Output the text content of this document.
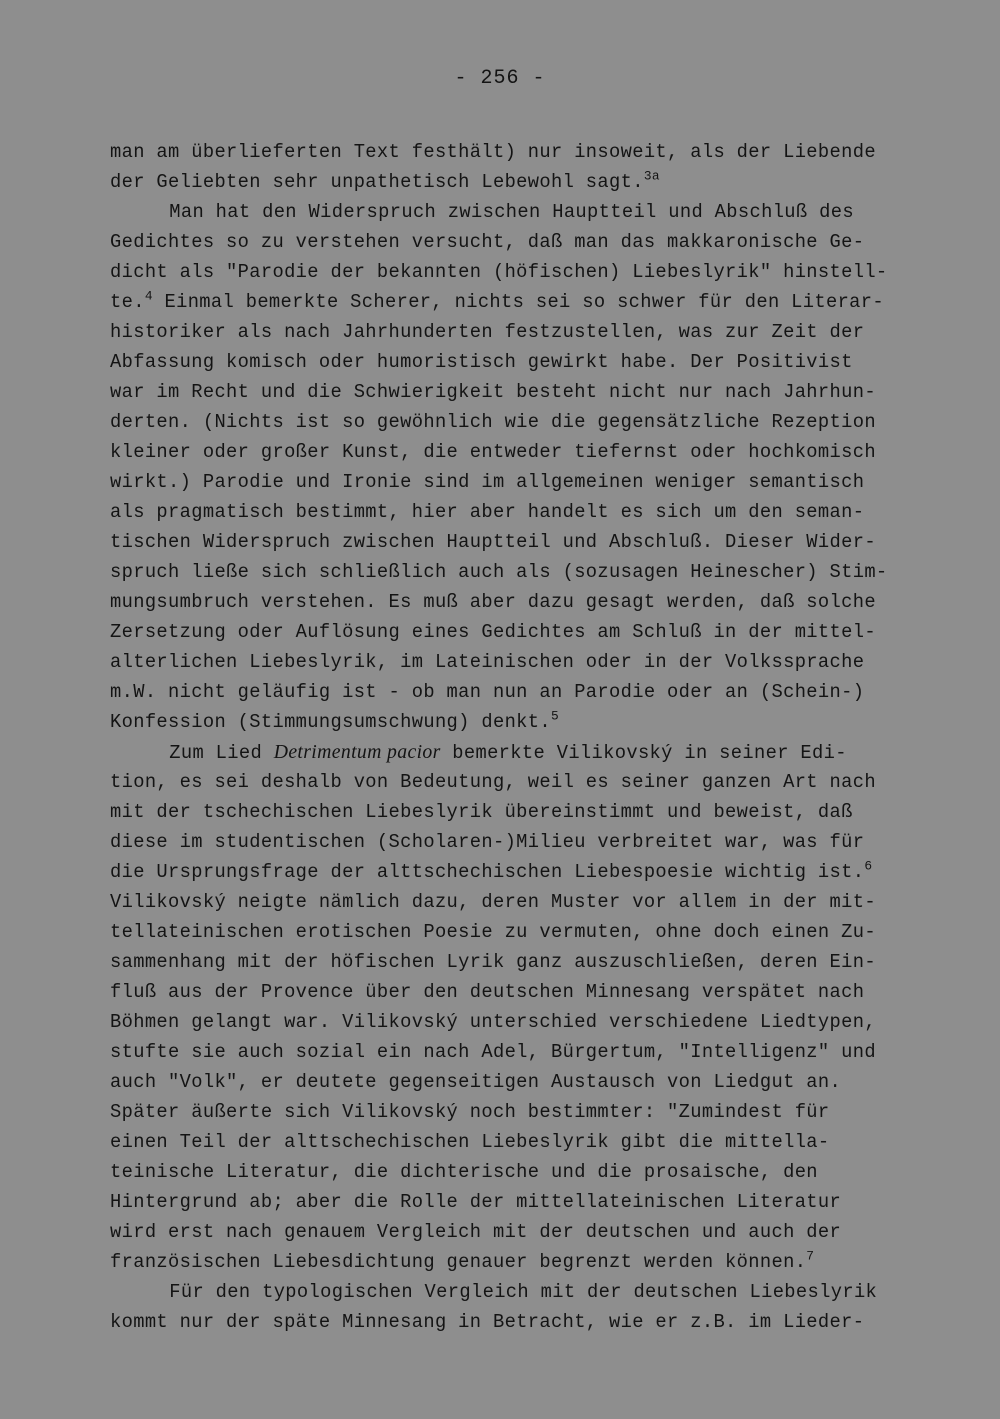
- 256 -
man am überlieferten Text festhält) nur insoweit, als der Liebende
der Geliebten sehr unpathetisch Lebewohl sagt.$^{3a}$
Man hat den Widerspruch zwischen Hauptteil und Abschluß des
Gedichtes so zu verstehen versucht, daß man das makkaronische Ge-
dicht als "Parodie der bekannten (höfischen) Liebeslyrik" hinstell-
te.$^4$ Einmal bemerkte Scherer, nichts sei so schwer für den Literar-
historiker als nach Jahrhunderten festzustellen, was zur Zeit der
Abfassung komisch oder humoristisch gewirkt habe. Der Positivist
war im Recht und die Schwierigkeit besteht nicht nur nach Jahrhun-
derten. (Nichts ist so gewöhnlich wie die gegensätzliche Rezeption
kleiner oder großer Kunst, die entweder tiefernst oder hochkomisch
wirkt.) Parodie und Ironie sind im allgemeinen weniger semantisch
als pragmatisch bestimmt, hier aber handelt es sich um den seman-
tischen Widerspruch zwischen Hauptteil und Abschluß. Dieser Wider-
spruch ließe sich schließlich auch als (sozusagen Heinescher) Stim-
mungsumbruch verstehen. Es muß aber dazu gesagt werden, daß solche
Zersetzung oder Auflösung eines Gedichtes am Schluß in der mittel-
alterlichen Liebeslyrik, im Lateinischen oder in der Volkssprache
m.W. nicht geläufig ist - ob man nun an Parodie oder an (Schein-)
Konfession (Stimmungsumschwung) denkt.$^5$
Zum Lied Detrimentum pacior bemerkte Vilikovský in seiner Edi-
tion, es sei deshalb von Bedeutung, weil es seiner ganzen Art nach
mit der tschechischen Liebeslyrik übereinstimmt und beweist, daß
diese im studentischen (Scholaren-)Milieu verbreitet war, was für
die Ursprungsfrage der alttschechischen Liebespoesie wichtig ist.$^6$
Vilikovský neigte nämlich dazu, deren Muster vor allem in der mit-
tellateinischen erotischen Poesie zu vermuten, ohne doch einen Zu-
sammenhang mit der höfischen Lyrik ganz auszuschließen, deren Ein-
fluß aus der Provence über den deutschen Minnesang verspätet nach
Böhmen gelangt war. Vilikovský unterschied verschiedene Liedtypen,
stufte sie auch sozial ein nach Adel, Bürgertum, "Intelligenz" und
auch "Volk", er deutete gegenseitigen Austausch von Liedgut an.
Später äußerte sich Vilikovský noch bestimmter: "Zumindest für
einen Teil der alttschechischen Liebeslyrik gibt die mittella-
teinische Literatur, die dichterische und die prosaische, den
Hintergrund ab; aber die Rolle der mittellateinischen Literatur
wird erst nach genauem Vergleich mit der deutschen und auch der
französischen Liebesdichtung genauer begrenzt werden können.$^7$
Für den typologischen Vergleich mit der deutschen Liebeslyrik
kommt nur der späte Minnesang in Betracht, wie er z.B. im Lieder-
